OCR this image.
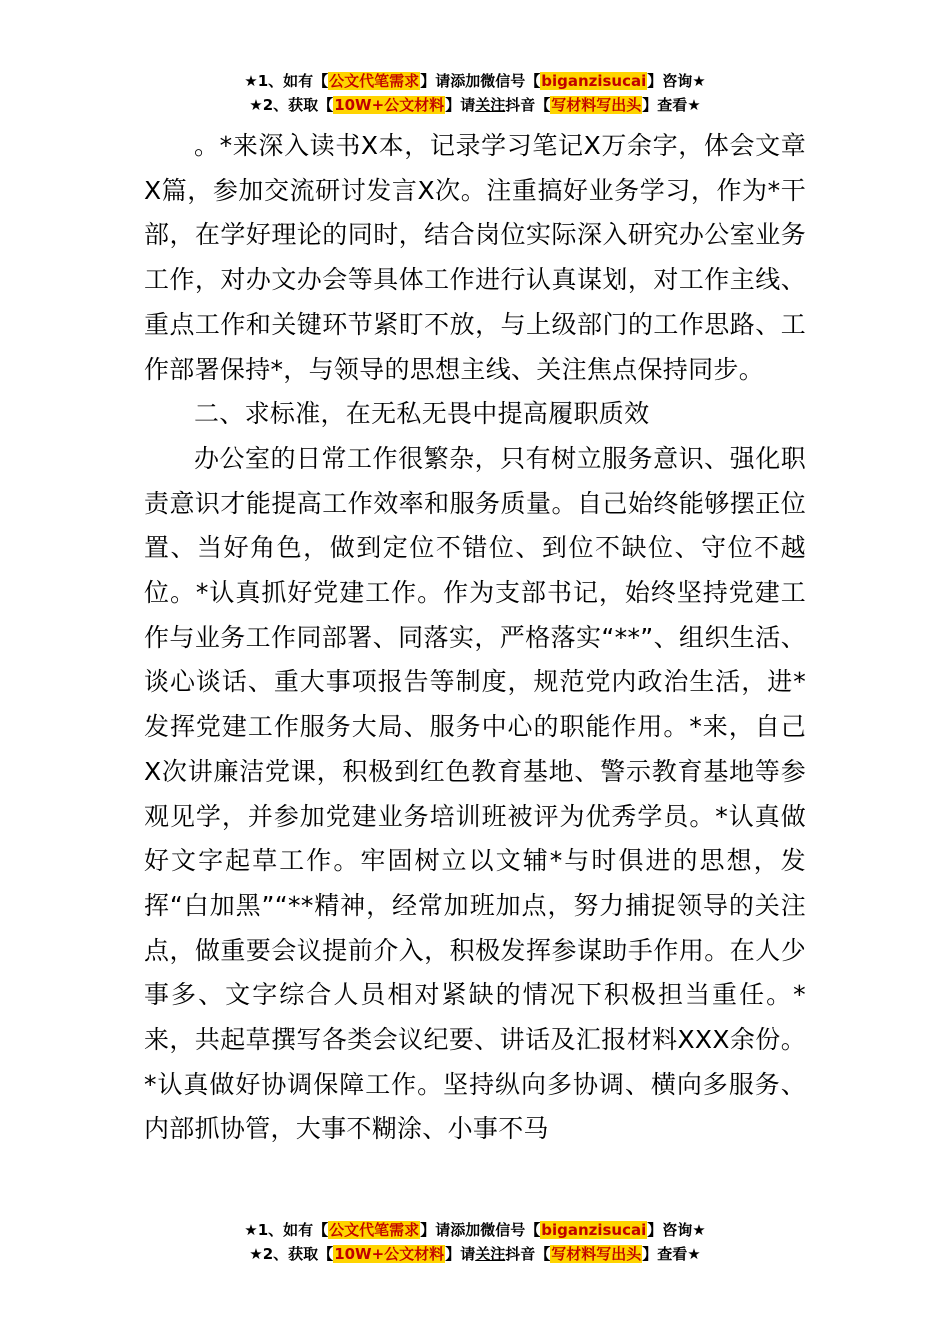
★1、如有【公文代笔需求】请添加微信号【biganzisucai】咨询★
★2、获取【10W+公文材料】请关注抖音【写材料写出头】查看★

。*来深入读书X本，记录学习笔记X万余字，体会文章X篇，参加交流研讨发言X次。注重搞好业务学习，作为*干部，在学好理论的同时，结合岗位实际深入研究办公室业务工作，对办文办会等具体工作进行认真谋划，对工作主线、重点工作和关键环节紧盯不放，与上级部门的工作思路、工作部署保持*，与领导的思想主线、关注焦点保持同步。

二、求标准，在无私无畏中提高履职质效

办公室的日常工作很繁杂，只有树立服务意识、强化职责意识才能提高工作效率和服务质量。自己始终能够摆正位置、当好角色，做到定位不错位、到位不缺位、守位不越位。*认真抓好党建工作。作为支部书记，始终坚持党建工作与业务工作同部署、同落实，严格落实“**”、组织生活、谈心谈话、重大事项报告等制度，规范党内政治生活，进*发挥党建工作服务大局、服务中心的职能作用。*来，自己X次讲廉洁党课，积极到红色教育基地、警示教育基地等参观见学，并参加党建业务培训班被评为优秀学员。*认真做好文字起草工作。牢固树立以文辅*与时俱进的思想，发挥“白加黑”“**精神，经常加班加点，努力捕捉领导的关注点，做重要会议提前介入，积极发挥参谋助手作用。在人少事多、文字综合人员相对紧缺的情况下积极担当重任。*来，共起草撰写各类会议纪要、讲话及汇报材料XXX余份。*认真做好协调保障工作。坚持纵向多协调、横向多服务、内部抓协管，大事不糊涂、小事不马

★1、如有【公文代笔需求】请添加微信号【biganzisucai】咨询★
★2、获取【10W+公文材料】请关注抖音【写材料写出头】查看★
